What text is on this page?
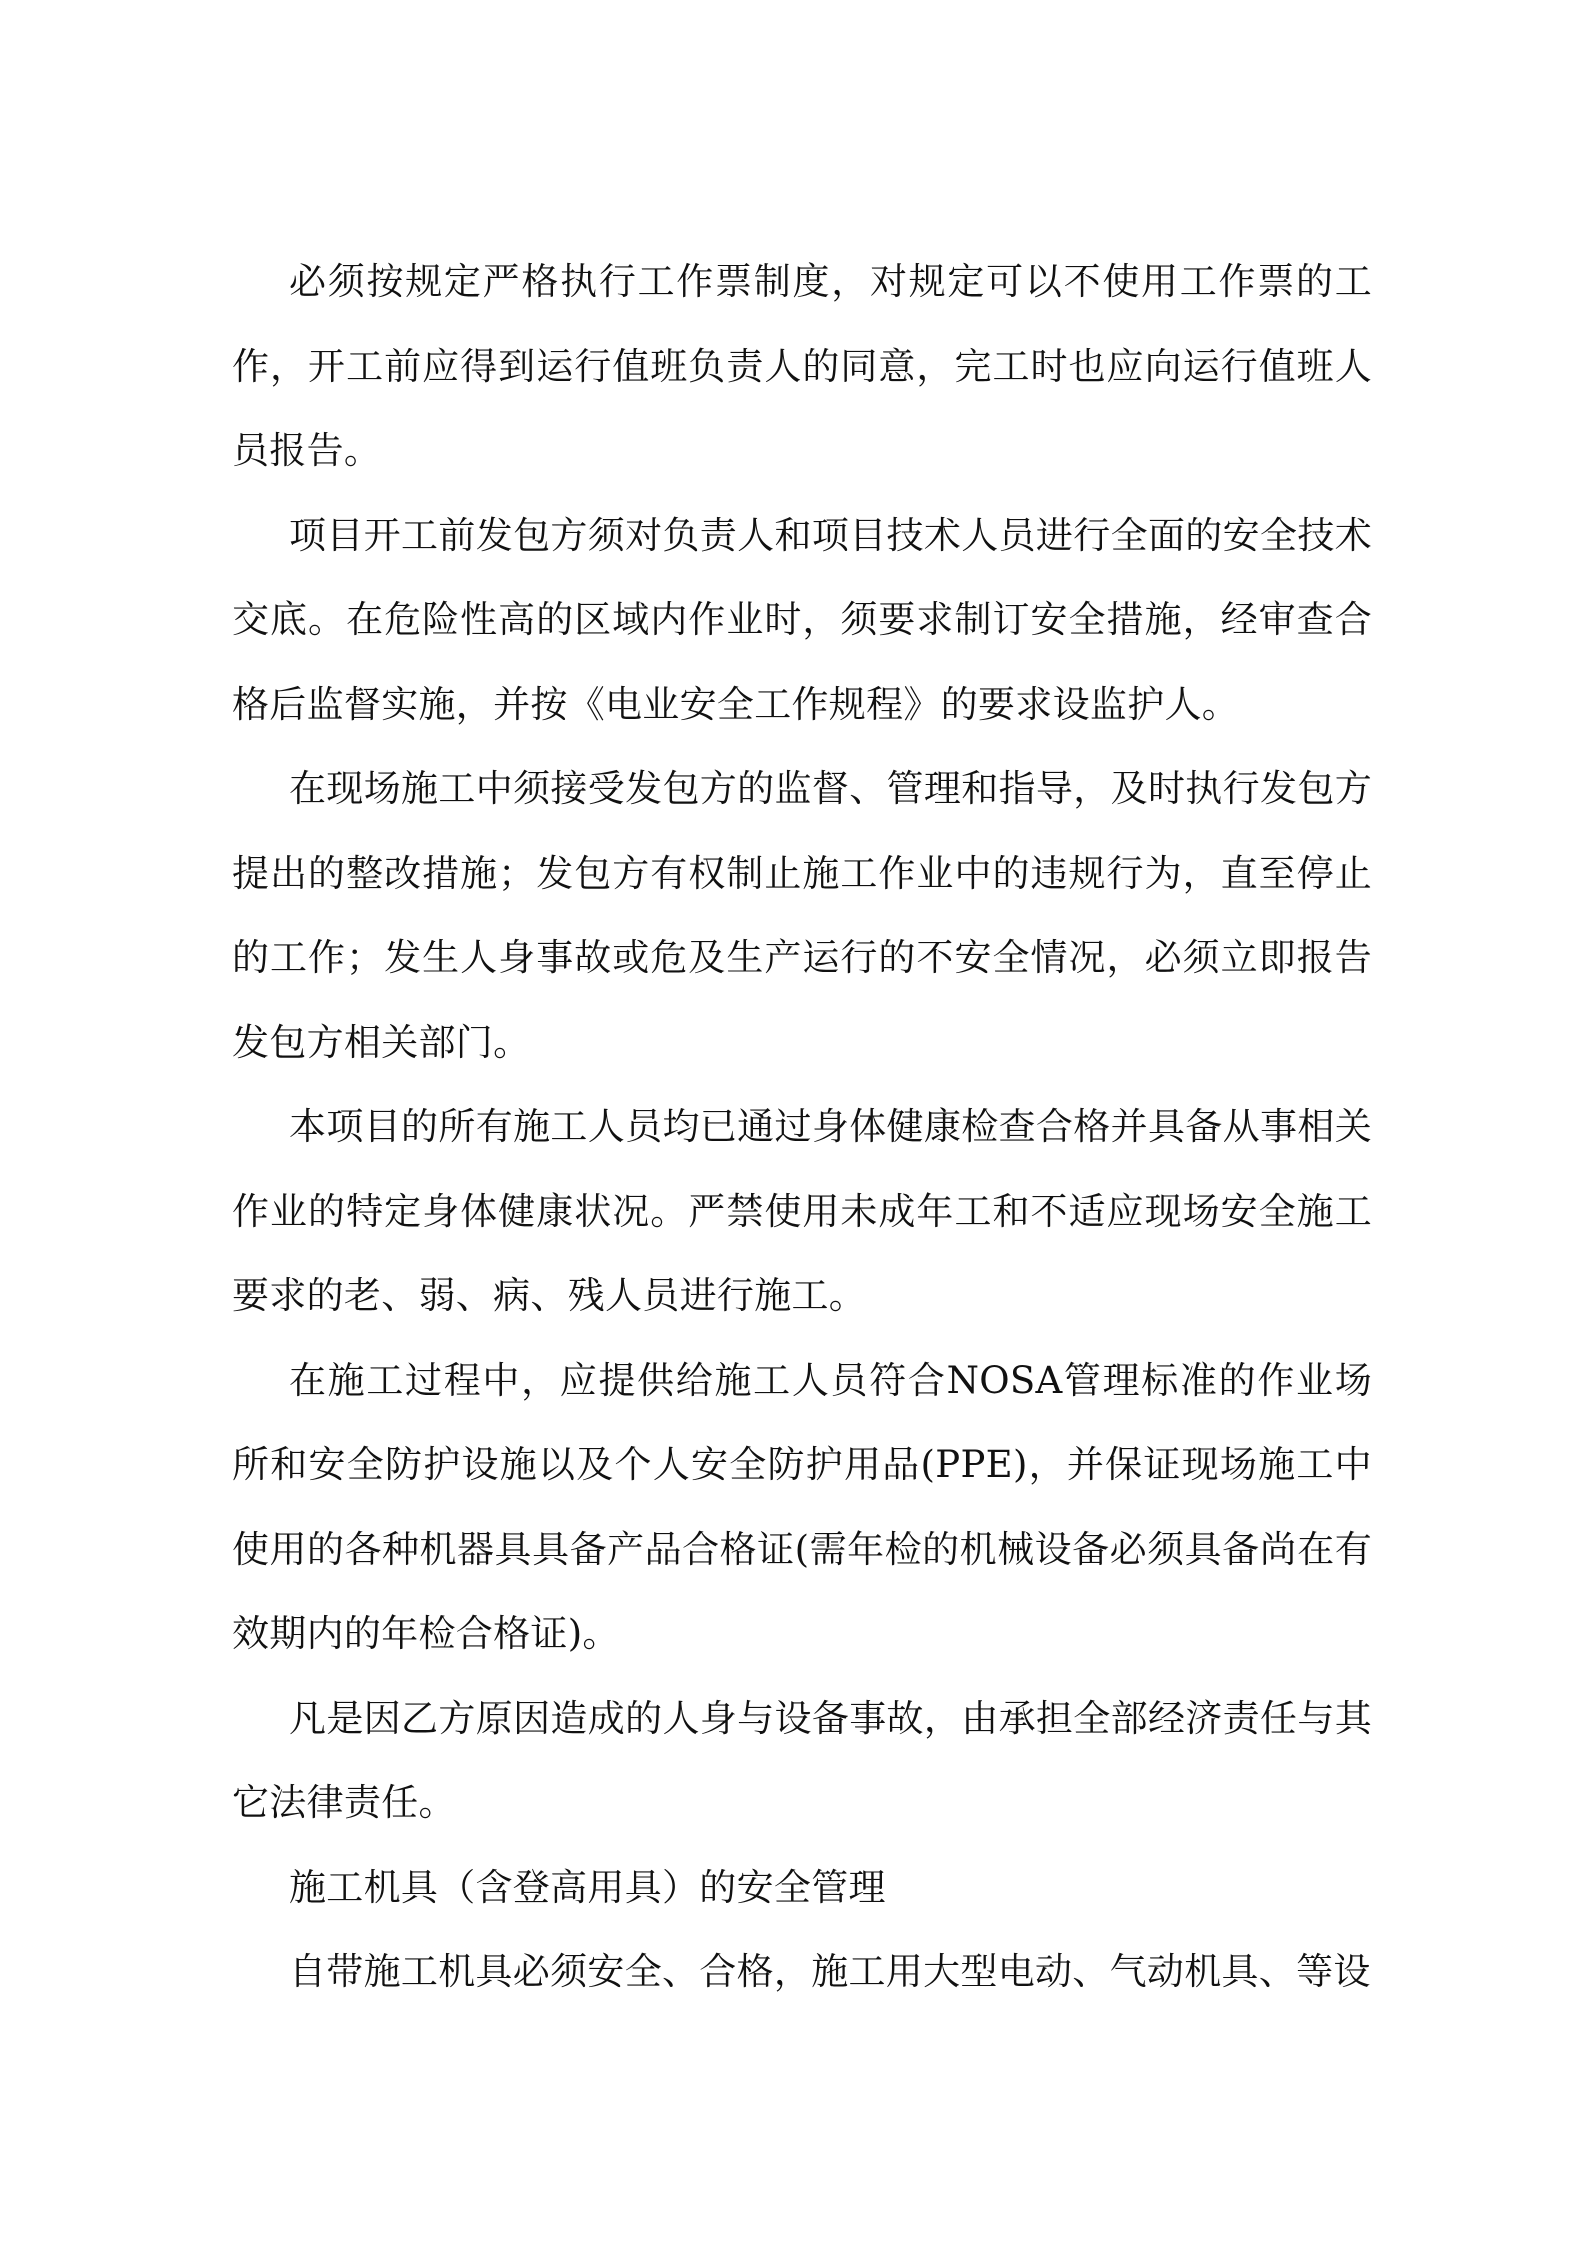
必须按规定严格执行工作票制度，对规定可以不使用工作票的工作，开工前应得到运行值班负责人的同意，完工时也应向运行值班人员报告。

项目开工前发包方须对负责人和项目技术人员进行全面的安全技术交底。在危险性高的区域内作业时，须要求制订安全措施，经审查合格后监督实施，并按《电业安全工作规程》的要求设监护人。

在现场施工中须接受发包方的监督、管理和指导，及时执行发包方提出的整改措施；发包方有权制止施工作业中的违规行为，直至停止的工作；发生人身事故或危及生产运行的不安全情况，必须立即报告发包方相关部门。

本项目的所有施工人员均已通过身体健康检查合格并具备从事相关作业的特定身体健康状况。严禁使用未成年工和不适应现场安全施工要求的老、弱、病、残人员进行施工。

在施工过程中，应提供给施工人员符合NOSA管理标准的作业场所和安全防护设施以及个人安全防护用品(PPE)，并保证现场施工中使用的各种机器具具备产品合格证(需年检的机械设备必须具备尚在有效期内的年检合格证)。

凡是因乙方原因造成的人身与设备事故，由承担全部经济责任与其它法律责任。

施工机具（含登高用具）的安全管理

自带施工机具必须安全、合格，施工用大型电动、气动机具、等设
